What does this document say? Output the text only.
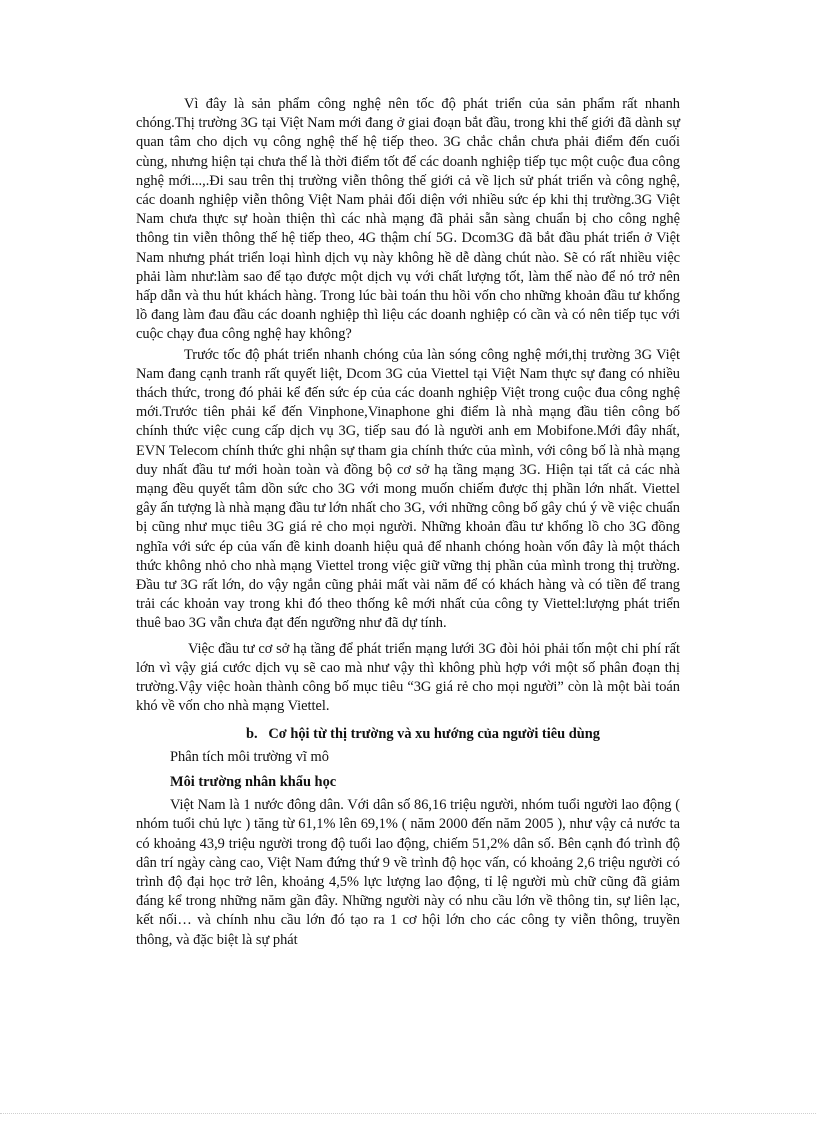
Vì đây là sản phẩm công nghệ nên tốc độ phát triển của sản phẩm rất nhanh chóng.Thị trường 3G tại Việt Nam mới đang ở giai đoạn bắt đầu, trong khi thế giới đã dành sự quan tâm cho dịch vụ công nghệ thế hệ tiếp theo. 3G chắc chắn chưa phải điểm đến cuối cùng, nhưng hiện tại chưa thể là thời điểm tốt để các doanh nghiệp tiếp tục một cuộc đua công nghệ mới...,.Đi sau trên thị trường viễn thông thế giới cả về lịch sử phát triển và công nghệ, các doanh nghiệp viễn thông Việt Nam phải đối diện với nhiều sức ép khi thị trường.3G Việt Nam chưa thực sự hoàn thiện thì các nhà mạng đã phải sẵn sàng chuẩn bị cho công nghệ thông tin viễn thông thế hệ tiếp theo, 4G thậm chí 5G. Dcom3G đã bắt đầu phát triển ở Việt Nam nhưng phát triển loại hình dịch vụ này không hề dễ dàng chút nào. Sẽ có rất nhiều việc phải làm như:làm sao để tạo được một dịch vụ với chất lượng tốt, làm thế nào để nó trở nên hấp dẫn và thu hút khách hàng. Trong lúc bài toán thu hồi vốn cho những khoản đầu tư khổng lồ đang làm đau đầu các doanh nghiệp thì liệu các doanh nghiệp có cần và có nên tiếp tục với cuộc chạy đua công nghệ hay không?

Trước tốc độ phát triển nhanh chóng của làn sóng công nghệ mới,thị trường 3G Việt Nam đang cạnh tranh rất quyết liệt, Dcom 3G của Viettel tại Việt Nam thực sự đang có nhiều thách thức, trong đó phải kể đến sức ép của các doanh nghiệp Việt trong cuộc đua công nghệ mới.Trước tiên phải kể đến Vinphone,Vinaphone ghi điểm là nhà mạng đầu tiên công bố chính thức việc cung cấp dịch vụ 3G, tiếp sau đó là người anh em Mobifone.Mới đây nhất, EVN Telecom chính thức ghi nhận sự tham gia chính thức của mình, với công bố là nhà mạng duy nhất đầu tư mới hoàn toàn và đồng bộ cơ sở hạ tầng mạng 3G. Hiện tại tất cả các nhà mạng đều quyết tâm dồn sức cho 3G với mong muốn chiếm được thị phần lớn nhất. Viettel gây ấn tượng là nhà mạng đầu tư lớn nhất cho 3G, với những công bố gây chú ý về việc chuẩn bị cũng như mục tiêu 3G giá rẻ cho mọi người. Những khoản đầu tư khổng lồ cho 3G đồng nghĩa với sức ép của vấn đề kinh doanh hiệu quả để nhanh chóng hoàn vốn đây là một thách thức không nhỏ cho nhà mạng Viettel trong việc giữ vững thị phần của mình trong thị trường. Đầu tư 3G rất lớn, do vậy ngắn cũng phải mất vài năm để có khách hàng và có tiền để trang trải các khoản vay trong khi đó theo thống kê mới nhất của công ty Viettel:lượng phát triển thuê bao 3G vẫn chưa đạt đến ngưỡng như đã dự tính.

Việc đầu tư cơ sở hạ tầng để phát triển mạng lưới 3G đòi hỏi phải tốn một chi phí rất lớn vì vậy giá cước dịch vụ sẽ cao mà như vậy thì không phù hợp với một số phân đoạn thị trường.Vậy việc hoàn thành công bố mục tiêu “3G giá rẻ cho mọi người” còn là một bài toán khó về vốn cho nhà mạng Viettel.

b.   Cơ hội từ thị trường và xu hướng của người tiêu dùng

Phân tích môi trường vĩ mô

Môi trường nhân khẩu học

Việt Nam là 1 nước đông dân. Với dân số 86,16 triệu người, nhóm tuổi người lao động ( nhóm tuổi chủ lực ) tăng từ 61,1% lên 69,1% ( năm 2000 đến năm 2005 ), như vậy cả nước ta có khoảng 43,9 triệu người trong độ tuổi lao động, chiếm 51,2% dân số. Bên cạnh đó trình độ dân trí ngày càng cao, Việt Nam đứng thứ 9 về trình độ học vấn, có khoảng 2,6 triệu người có trình độ đại học trở lên, khoảng 4,5% lực lượng lao động, tỉ lệ người mù chữ cũng đã giảm đáng kể trong những năm gần đây. Những người này có nhu cầu lớn về thông tin, sự liên lạc, kết nối… và chính nhu cầu lớn đó tạo ra 1 cơ hội lớn cho các công ty viễn thông, truyền thông, và đặc biệt là sự phát
